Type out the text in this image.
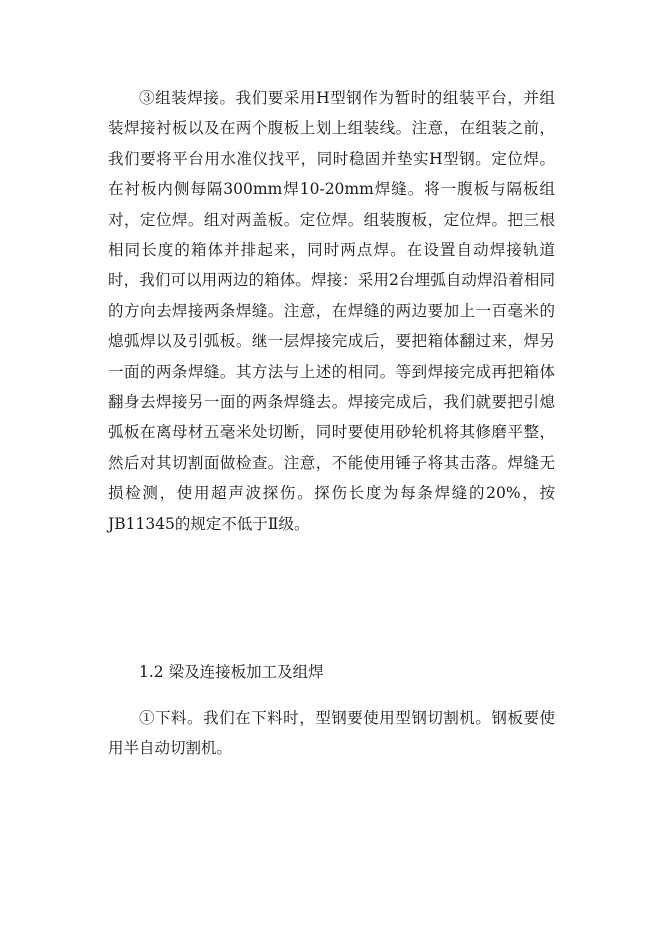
③组装焊接。我们要采用H型钢作为暂时的组装平台，并组装焊接衬板以及在两个腹板上划上组装线。注意，在组装之前，我们要将平台用水准仪找平，同时稳固并垫实H型钢。定位焊。在衬板内侧每隔300mm焊10-20mm焊缝。将一腹板与隔板组对，定位焊。组对两盖板。定位焊。组装腹板，定位焊。把三根相同长度的箱体并排起来，同时两点焊。在设置自动焊接轨道时，我们可以用两边的箱体。焊接：采用2台埋弧自动焊沿着相同的方向去焊接两条焊缝。注意，在焊缝的两边要加上一百毫米的熄弧焊以及引弧板。继一层焊接完成后，要把箱体翻过来，焊另一面的两条焊缝。其方法与上述的相同。等到焊接完成再把箱体翻身去焊接另一面的两条焊缝去。焊接完成后，我们就要把引熄弧板在离母材五毫米处切断，同时要使用砂轮机将其修磨平整，然后对其切割面做检查。注意，不能使用锤子将其击落。焊缝无损检测，使用超声波探伤。探伤长度为每条焊缝的20%，按JB11345的规定不低于Ⅱ级。

1.2 梁及连接板加工及组焊

①下料。我们在下料时，型钢要使用型钢切割机。钢板要使用半自动切割机。
